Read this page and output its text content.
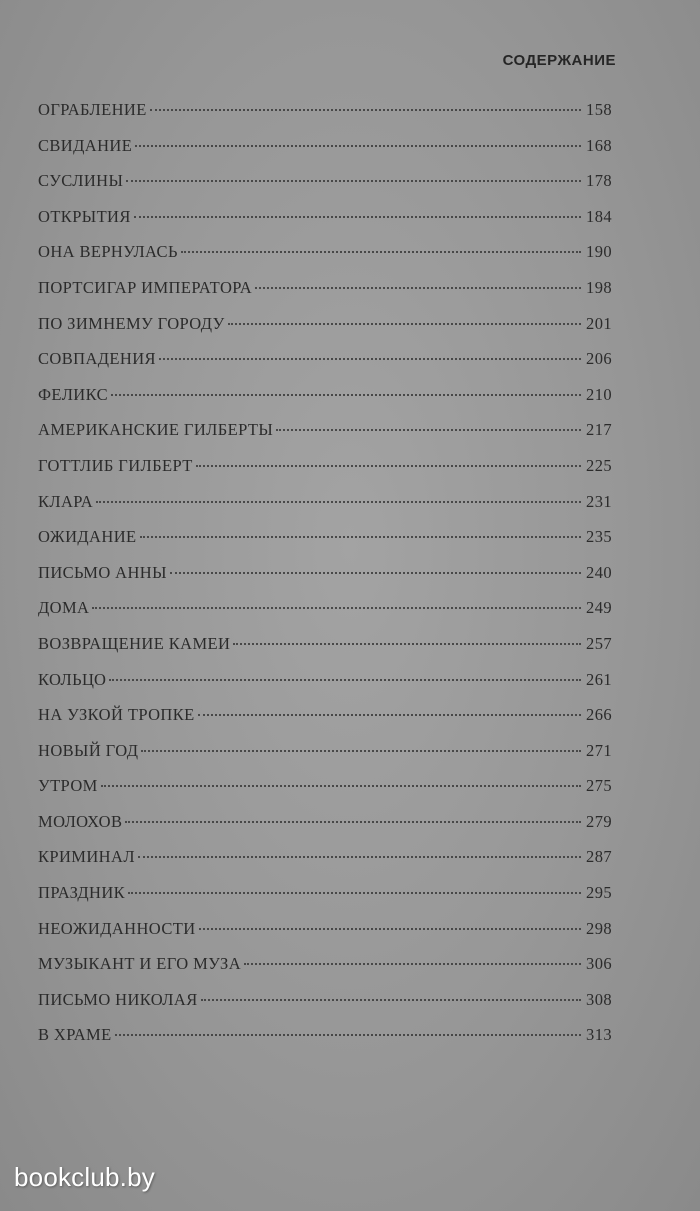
СОДЕРЖАНИЕ
ОГРАБЛЕНИЕ	158
СВИДАНИЕ	168
СУСЛИНЫ	178
ОТКРЫТИЯ	184
ОНА ВЕРНУЛАСЬ	190
ПОРТСИГАР ИМПЕРАТОРА	198
ПО ЗИМНЕМУ ГОРОДУ	201
СОВПАДЕНИЯ	206
ФЕЛИКС	210
АМЕРИКАНСКИЕ ГИЛБЕРТЫ	217
ГОТТЛИБ ГИЛБЕРТ	225
КЛАРА	231
ОЖИДАНИЕ	235
ПИСЬМО АННЫ	240
ДОМА	249
ВОЗВРАЩЕНИЕ КАМЕИ	257
КОЛЬЦО	261
НА УЗКОЙ ТРОПКЕ	266
НОВЫЙ ГОД	271
УТРОМ	275
МОЛОХОВ	279
КРИМИНАЛ	287
ПРАЗДНИК	295
НЕОЖИДАННОСТИ	298
МУЗЫКАНТ И ЕГО МУЗА	306
ПИСЬМО НИКОЛАЯ	308
В ХРАМЕ	313
bookclub.by
